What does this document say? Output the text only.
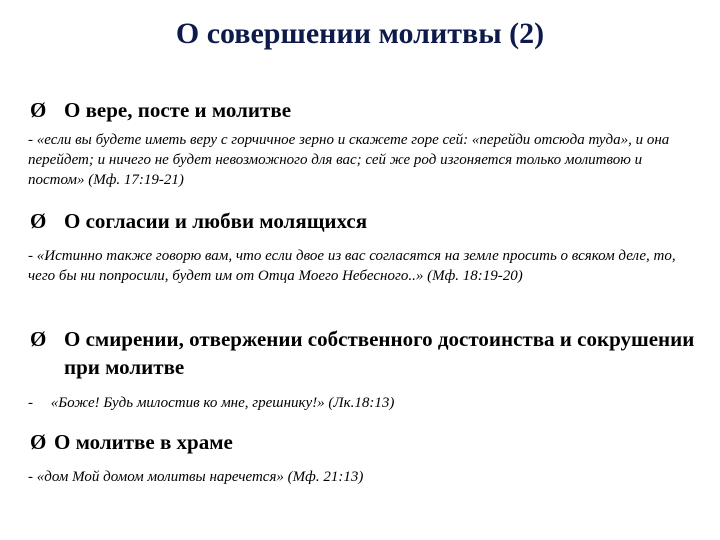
О совершении молитвы (2)
Ø О вере, посте и молитве
- «если вы будете иметь веру с горчичное зерно и скажете горе сей: «перейди отсюда туда», и она перейдет; и ничего не будет невозможного для вас; сей же род изгоняется только молитвою и постом» (Мф. 17:19-21)
Ø О согласии и любви молящихся
- «Истинно также говорю вам, что если двое из вас согласятся на земле просить о всяком деле, то, чего бы ни попросили, будет им от Отца Моего Небесного..» (Мф. 18:19-20)
Ø О смирении, отвержении собственного достоинства и сокрушении при молитве
- «Боже! Будь милостив ко мне, грешнику!» (Лк.18:13)
Ø О молитве в храме
- «дом Мой домом молитвы наречется» (Мф. 21:13)
